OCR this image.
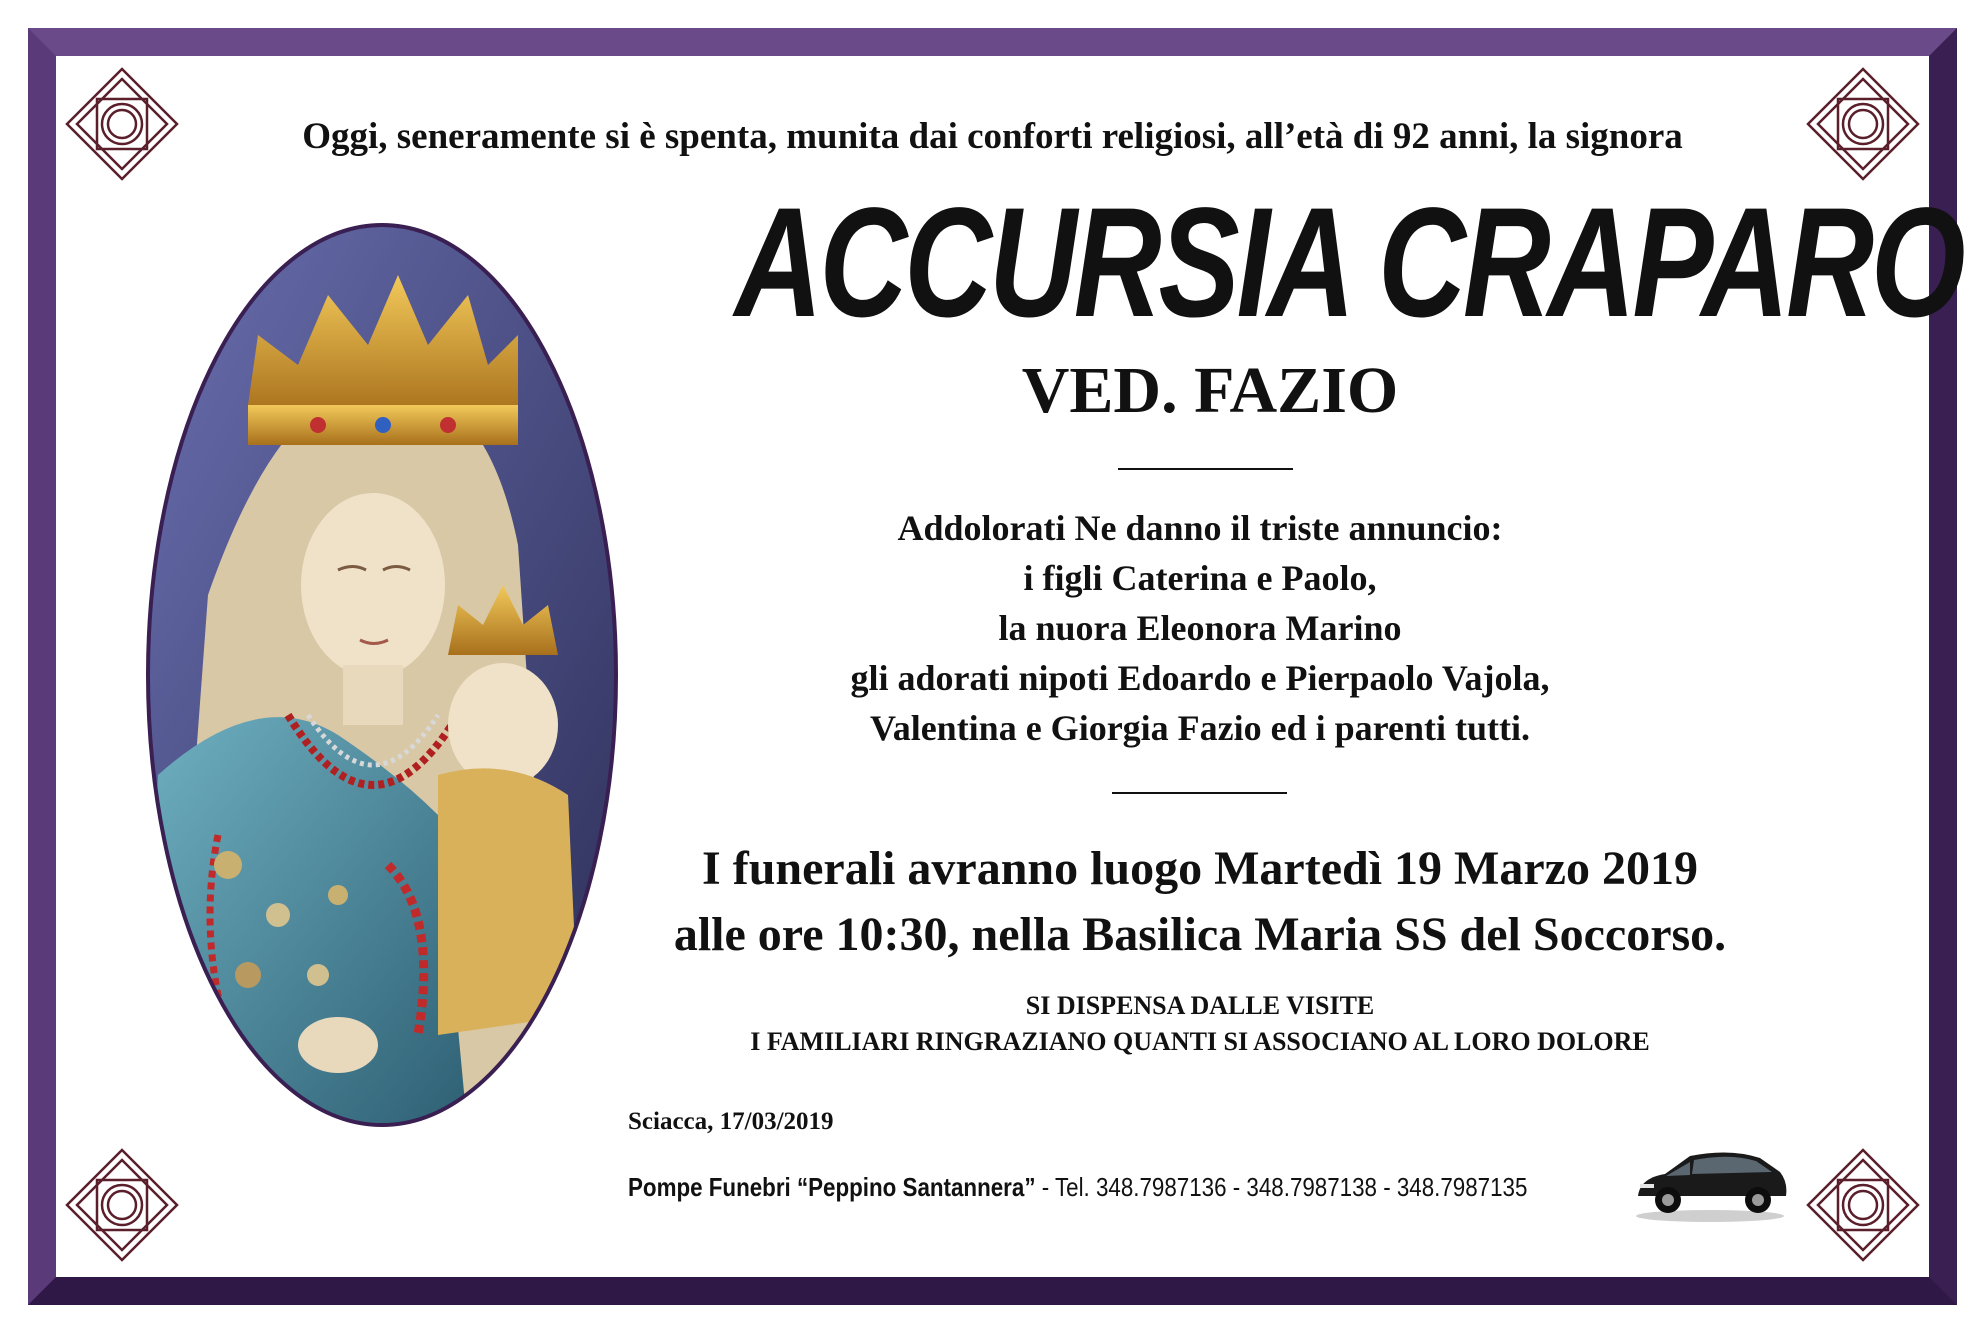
Oggi, seneramente si è spenta, munita dai conforti religiosi, all’età di 92 anni, la signora
ACCURSIA CRAPARO
VED. FAZIO
Addolorati Ne danno il triste annuncio:
i figli Caterina e Paolo,
la nuora Eleonora Marino
gli adorati nipoti Edoardo e Pierpaolo Vajola,
Valentina e Giorgia Fazio ed i parenti tutti.
I funerali avranno luogo Martedì 19 Marzo 2019
alle ore 10:30, nella Basilica Maria SS del Soccorso.
SI DISPENSA DALLE VISITE
I FAMILIARI RINGRAZIANO QUANTI SI ASSOCIANO AL LORO DOLORE
Sciacca, 17/03/2019
Pompe Funebri “Peppino Santannera” - Tel. 348.7987136 - 348.7987138 - 348.7987135
